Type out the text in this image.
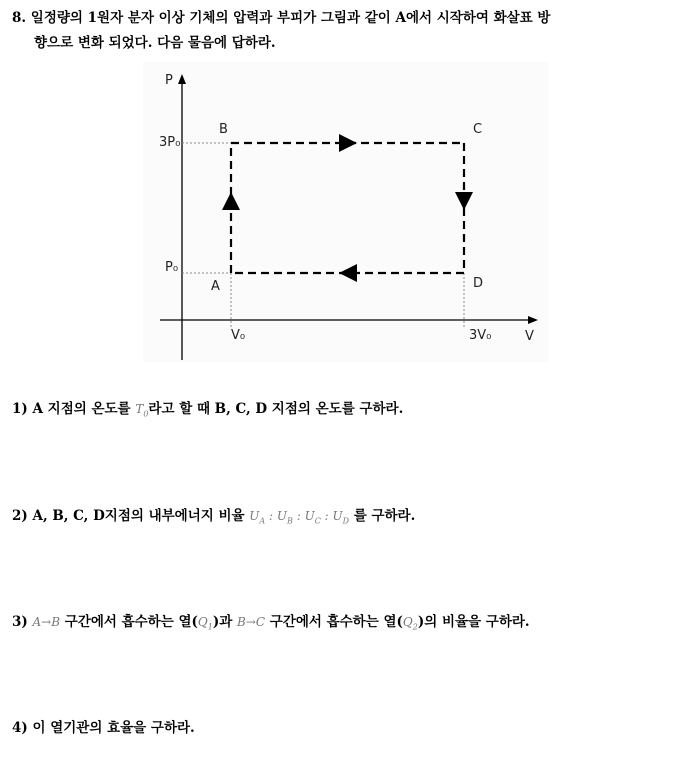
8. 일정량의 1원자 분자 이상 기체의 압력과 부피가 그림과 같이 A에서 시작하여 화살표 방
향으로 변화 되었다. 다음 물음에 답하라.
P
V
3P₀
P₀
V₀	3V₀
A
B	C
D
1) A 지점의 온도를 $T_0$라고 할 때 B, C, D 지점의 온도를 구하라.
2) A, B, C, D지점의 내부에너지 비율 $U_A$ : $U_B$ : $U_C$ : $U_D$ 를 구하라.
3) A→B 구간에서 흡수하는 열$(Q_1)$과 B→C 구간에서 흡수하는 열$(Q_2)$의 비율을 구하라.
4) 이 열기관의 효율을 구하라.
